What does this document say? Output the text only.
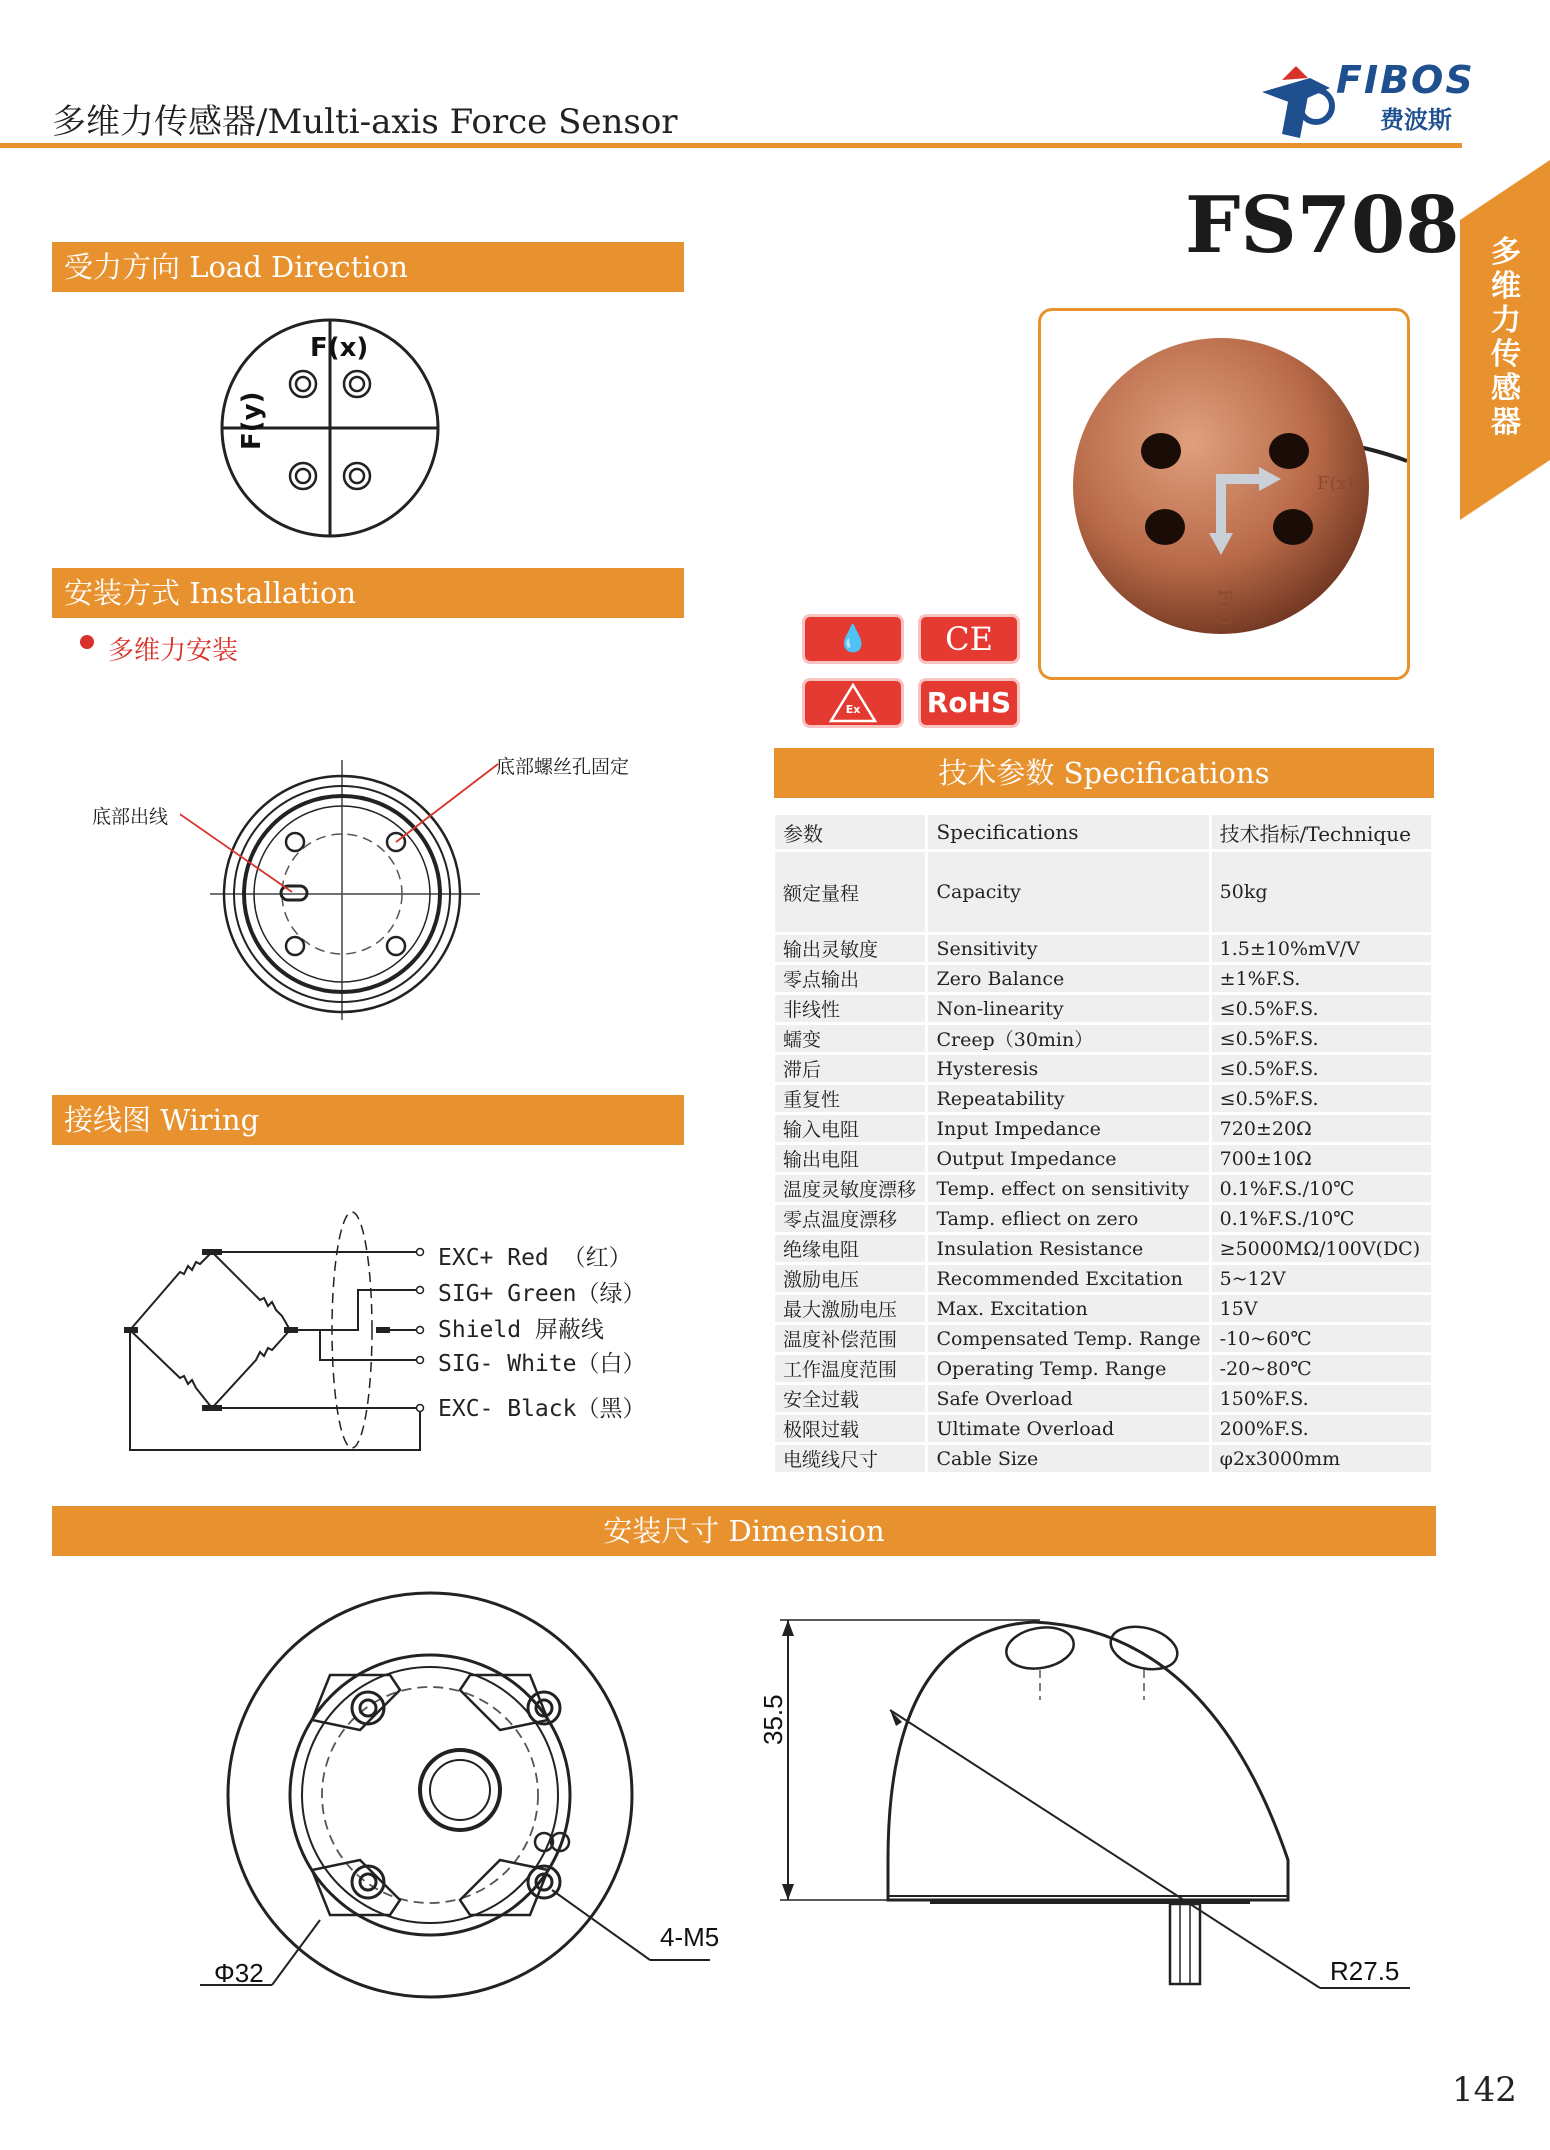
多维力传感器/Multi-axis Force Sensor
FIBOS
费波斯
FS708 多维力传感器
受力方向 Load Direction
F(x)
F(y)
安装方式 Installation
多维力安装
底部出线
底部螺丝孔固定
接线图 Wiring
EXC+ Red （红）
SIG+ Green（绿）
Shield 屏蔽线
SIG- White（白）
EXC- Black（黑）
F(x)
F(y)
💧	CE
Ex	RoHS
技术参数 Specifications
参数	Specifications	技术指标/Technique
额定量程	Capacity	50kg
输出灵敏度	Sensitivity	1.5±10%mV/V
零点输出	Zero Balance	±1%F.S.
非线性	Non-linearity	≤0.5%F.S.
蠕变	Creep（30min）	≤0.5%F.S.
滞后	Hysteresis	≤0.5%F.S.
重复性	Repeatability	≤0.5%F.S.
输入电阻	Input Impedance	720±20Ω
输出电阻	Output Impedance	700±10Ω
温度灵敏度漂移	Temp. effect on sensitivity	0.1%F.S./10℃
零点温度漂移	Tamp. efliect on zero	0.1%F.S./10℃
绝缘电阻	Insulation Resistance	≥5000MΩ/100V(DC)
激励电压	Recommended Excitation	5~12V
最大激励电压	Max. Excitation	15V
温度补偿范围	Compensated Temp. Range	-10~60℃
工作温度范围	Operating Temp. Range	-20~80℃
安全过载	Safe Overload	150%F.S.
极限过载	Ultimate Overload	200%F.S.
电缆线尺寸	Cable Size	φ2x3000mm
安装尺寸 Dimension
Φ32
4-M5
35.5
R27.5
142
